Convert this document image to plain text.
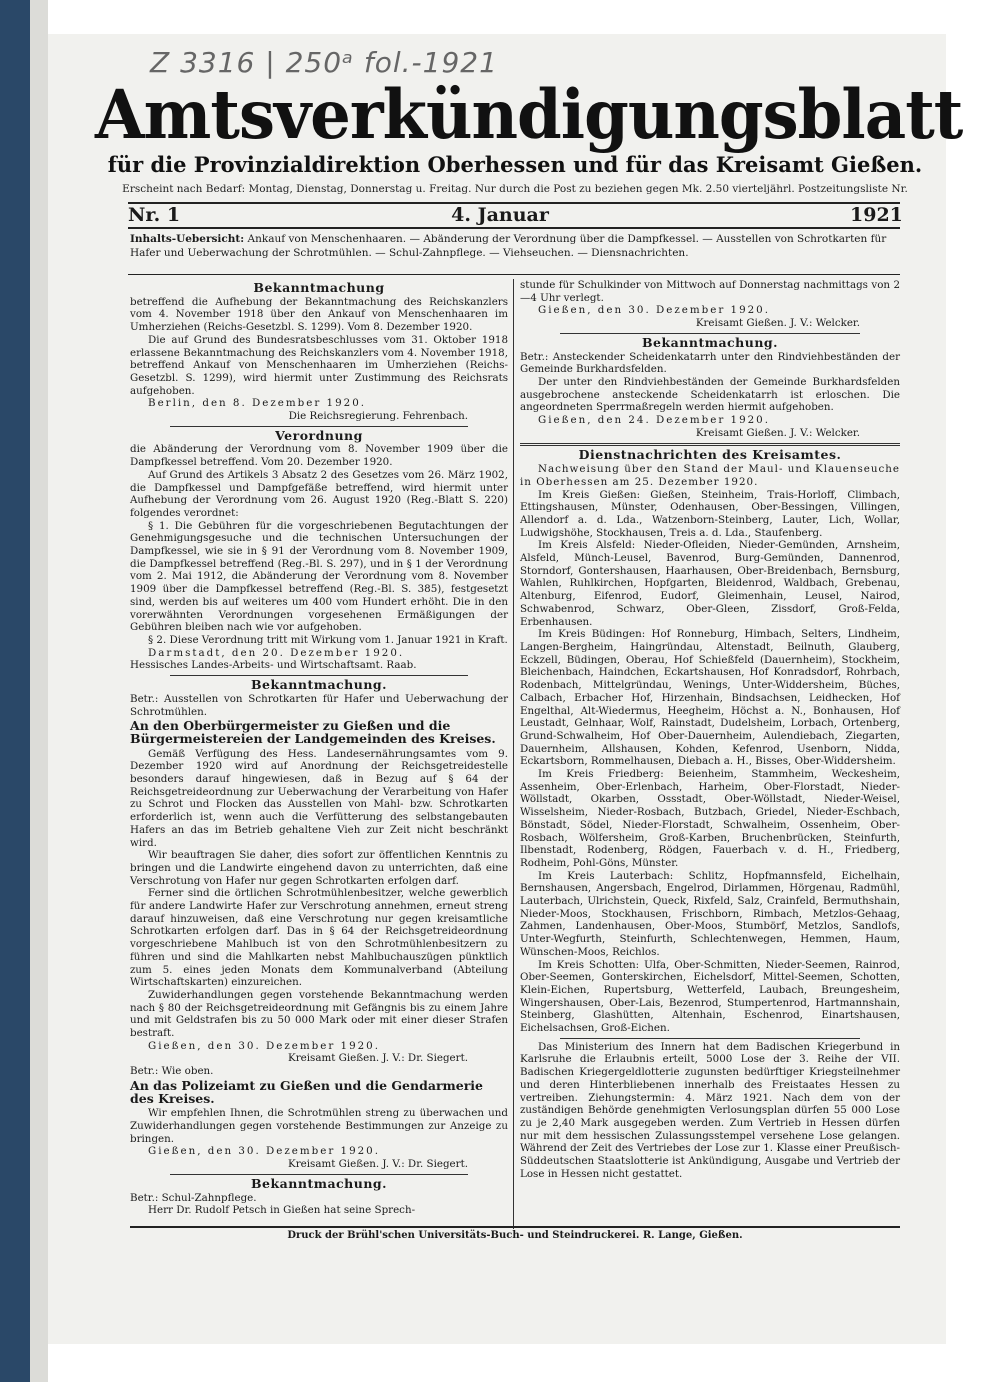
Z 3316 | 250ᵃ fol.-1921
Amtsverkündigungsblatt
für die Provinzialdirektion Oberhessen und für das Kreisamt Gießen.
Erscheint nach Bedarf: Montag, Dienstag, Donnerstag u. Freitag. Nur durch die Post zu beziehen gegen Mk. 2.50 vierteljährl. Postzeitungsliste Nr.
Nr. 1	4. Januar	1921
Inhalts-Uebersicht: Ankauf von Menschenhaaren. — Abänderung der Verordnung über die Dampfkessel. — Ausstellen von Schrotkarten für Hafer und Ueberwachung der Schrotmühlen. — Schul-Zahnpflege. — Viehseuchen. — Diensnachrichten.
Bekanntmachung

betreffend die Aufhebung der Bekanntmachung des Reichskanzlers vom 4. November 1918 über den Ankauf von Menschenhaaren im Umherziehen (Reichs-Gesetzbl. S. 1299). Vom 8. Dezember 1920.

Die auf Grund des Bundesratsbeschlusses vom 31. Oktober 1918 erlassene Bekanntmachung des Reichskanzlers vom 4. November 1918, betreffend Ankauf von Menschenhaaren im Umherziehen (Reichs-Gesetzbl. S. 1299), wird hiermit unter Zustimmung des Reichsrats aufgehoben.

Berlin, den 8. Dezember 1920.

Die Reichsregierung. Fehrenbach.

Verordnung

die Abänderung der Verordnung vom 8. November 1909 über die Dampfkessel betreffend. Vom 20. Dezember 1920.

Auf Grund des Artikels 3 Absatz 2 des Gesetzes vom 26. März 1902, die Dampfkessel und Dampfgefäße betreffend, wird hiermit unter Aufhebung der Verordnung vom 26. August 1920 (Reg.-Blatt S. 220) folgendes verordnet:

§ 1. Die Gebühren für die vorgeschriebenen Begutachtungen der Genehmigungsgesuche und die technischen Untersuchungen der Dampfkessel, wie sie in § 91 der Verordnung vom 8. November 1909, die Dampfkessel betreffend (Reg.-Bl. S. 297), und in § 1 der Verordnung vom 2. Mai 1912, die Abänderung der Verordnung vom 8. November 1909 über die Dampfkessel betreffend (Reg.-Bl. S. 385), festgesetzt sind, werden bis auf weiteres um 400 vom Hundert erhöht. Die in den vorerwähnten Verordnungen vorgesehenen Ermäßigungen der Gebühren bleiben nach wie vor aufgehoben.

§ 2. Diese Verordnung tritt mit Wirkung vom 1. Januar 1921 in Kraft.

Darmstadt, den 20. Dezember 1920.

Hessisches Landes-Arbeits- und Wirtschaftsamt. Raab.

Bekanntmachung.

Betr.: Ausstellen von Schrotkarten für Hafer und Ueberwachung der Schrotmühlen.

An den Oberbürgermeister zu Gießen und die Bürgermeistereien der Landgemeinden des Kreises.

Gemäß Verfügung des Hess. Landesernährungsamtes vom 9. Dezember 1920 wird auf Anordnung der Reichsgetreidestelle besonders darauf hingewiesen, daß in Bezug auf § 64 der Reichsgetreideordnung zur Ueberwachung der Verarbeitung von Hafer zu Schrot und Flocken das Ausstellen von Mahl- bzw. Schrotkarten erforderlich ist, wenn auch die Verfütterung des selbstangebauten Hafers an das im Betrieb gehaltene Vieh zur Zeit nicht beschränkt wird.

Wir beauftragen Sie daher, dies sofort zur öffentlichen Kenntnis zu bringen und die Landwirte eingehend davon zu unterrichten, daß eine Verschrotung von Hafer nur gegen Schrotkarten erfolgen darf.

Ferner sind die örtlichen Schrotmühlenbesitzer, welche gewerblich für andere Landwirte Hafer zur Verschrotung annehmen, erneut streng darauf hinzuweisen, daß eine Verschrotung nur gegen kreisamtliche Schrotkarten erfolgen darf. Das in § 64 der Reichsgetreideordnung vorgeschriebene Mahlbuch ist von den Schrotmühlenbesitzern zu führen und sind die Mahlkarten nebst Mahlbuchauszügen pünktlich zum 5. eines jeden Monats dem Kommunalverband (Abteilung Wirtschaftskarten) einzureichen.

Zuwiderhandlungen gegen vorstehende Bekanntmachung werden nach § 80 der Reichsgetreideordnung mit Gefängnis bis zu einem Jahre und mit Geldstrafen bis zu 50 000 Mark oder mit einer dieser Strafen bestraft.

Gießen, den 30. Dezember 1920.

Kreisamt Gießen. J. V.: Dr. Siegert.

Betr.: Wie oben.

An das Polizeiamt zu Gießen und die Gendarmerie des Kreises.

Wir empfehlen Ihnen, die Schrotmühlen streng zu überwachen und Zuwiderhandlungen gegen vorstehende Bestimmungen zur Anzeige zu bringen.

Gießen, den 30. Dezember 1920.

Kreisamt Gießen. J. V.: Dr. Siegert.

Bekanntmachung.

Betr.: Schul-Zahnpflege.

Herr Dr. Rudolf Petsch in Gießen hat seine Sprech-

stunde für Schulkinder von Mittwoch auf Donnerstag nachmittags von 2—4 Uhr verlegt.

Gießen, den 30. Dezember 1920.

Kreisamt Gießen. J. V.: Welcker.

Bekanntmachung.

Betr.: Ansteckender Scheidenkatarrh unter den Rindviehbeständen der Gemeinde Burkhardsfelden.

Der unter den Rindviehbeständen der Gemeinde Burkhardsfelden ausgebrochene ansteckende Scheidenkatarrh ist erloschen. Die angeordneten Sperrmaßregeln werden hiermit aufgehoben.

Gießen, den 24. Dezember 1920.

Kreisamt Gießen. J. V.: Welcker.

Dienstnachrichten des Kreisamtes.

Nachweisung über den Stand der Maul- und Klauenseuche in Oberhessen am 25. Dezember 1920.

Im Kreis Gießen: Gießen, Steinheim, Trais-Horloff, Climbach, Ettingshausen, Münster, Odenhausen, Ober-Bessingen, Villingen, Allendorf a. d. Lda., Watzenborn-Steinberg, Lauter, Lich, Wollar, Ludwigshöhe, Stockhausen, Treis a. d. Lda., Staufenberg.

Im Kreis Alsfeld: Nieder-Ofleiden, Nieder-Gemünden, Arnsheim, Alsfeld, Münch-Leusel, Bavenrod, Burg-Gemünden, Dannenrod, Storndorf, Gontershausen, Haarhausen, Ober-Breidenbach, Bernsburg, Wahlen, Ruhlkirchen, Hopfgarten, Bleidenrod, Waldbach, Grebenau, Altenburg, Eifenrod, Eudorf, Gleimenhain, Leusel, Nairod, Schwabenrod, Schwarz, Ober-Gleen, Zissdorf, Groß-Felda, Erbenhausen.

Im Kreis Büdingen: Hof Ronneburg, Himbach, Selters, Lindheim, Langen-Bergheim, Haingründau, Altenstadt, Beilnuth, Glauberg, Eckzell, Büdingen, Oberau, Hof Schießfeld (Dauernheim), Stockheim, Bleichenbach, Haindchen, Eckartshausen, Hof Konradsdorf, Rohrbach, Rodenbach, Mittelgründau, Wenings, Unter-Widdersheim, Büches, Calbach, Erbacher Hof, Hirzenhain, Bindsachsen, Leidhecken, Hof Engelthal, Alt-Wiedermus, Heegheim, Höchst a. N., Bonhausen, Hof Leustadt, Gelnhaar, Wolf, Rainstadt, Dudelsheim, Lorbach, Ortenberg, Grund-Schwalheim, Hof Ober-Dauernheim, Aulendiebach, Ziegarten, Dauernheim, Allshausen, Kohden, Kefenrod, Usenborn, Nidda, Eckartsborn, Rommelhausen, Diebach a. H., Bisses, Ober-Widdersheim.

Im Kreis Friedberg: Beienheim, Stammheim, Weckesheim, Assenheim, Ober-Erlenbach, Harheim, Ober-Florstadt, Nieder-Wöllstadt, Okarben, Ossstadt, Ober-Wöllstadt, Nieder-Weisel, Wisselsheim, Nieder-Rosbach, Butzbach, Griedel, Nieder-Eschbach, Bönstadt, Södel, Nieder-Florstadt, Schwalheim, Ossenheim, Ober-Rosbach, Wölfersheim, Groß-Karben, Bruchenbrücken, Steinfurth, Ilbenstadt, Rodenberg, Rödgen, Fauerbach v. d. H., Friedberg, Rodheim, Pohl-Göns, Münster.

Im Kreis Lauterbach: Schlitz, Hopfmannsfeld, Eichelhain, Bernshausen, Angersbach, Engelrod, Dirlammen, Hörgenau, Radmühl, Lauterbach, Ulrichstein, Queck, Rixfeld, Salz, Crainfeld, Bermuthshain, Nieder-Moos, Stockhausen, Frischborn, Rimbach, Metzlos-Gehaag, Zahmen, Landenhausen, Ober-Moos, Stumbörf, Metzlos, Sandlofs, Unter-Wegfurth, Steinfurth, Schlechtenwegen, Hemmen, Haum, Wünschen-Moos, Reichlos.

Im Kreis Schotten: Ulfa, Ober-Schmitten, Nieder-Seemen, Rainrod, Ober-Seemen, Gonterskirchen, Eichelsdorf, Mittel-Seemen, Schotten, Klein-Eichen, Rupertsburg, Wetterfeld, Laubach, Breungesheim, Wingershausen, Ober-Lais, Bezenrod, Stumpertenrod, Hartmannshain, Steinberg, Glashütten, Altenhain, Eschenrod, Einartshausen, Eichelsachsen, Groß-Eichen.

Das Ministerium des Innern hat dem Badischen Kriegerbund in Karlsruhe die Erlaubnis erteilt, 5000 Lose der 3. Reihe der VII. Badischen Kriegergeldlotterie zugunsten bedürftiger Kriegsteilnehmer und deren Hinterbliebenen innerhalb des Freistaates Hessen zu vertreiben. Ziehungstermin: 4. März 1921. Nach dem von der zuständigen Behörde genehmigten Verlosungsplan dürfen 55 000 Lose zu je 2,40 Mark ausgegeben werden. Zum Vertrieb in Hessen dürfen nur mit dem hessischen Zulassungsstempel versehene Lose gelangen. Während der Zeit des Vertriebes der Lose zur 1. Klasse einer Preußisch-Süddeutschen Staatslotterie ist Ankündigung, Ausgabe und Vertrieb der Lose in Hessen nicht gestattet.

Druck der Brühl'schen Universitäts-Buch- und Steindruckerei. R. Lange, Gießen.
